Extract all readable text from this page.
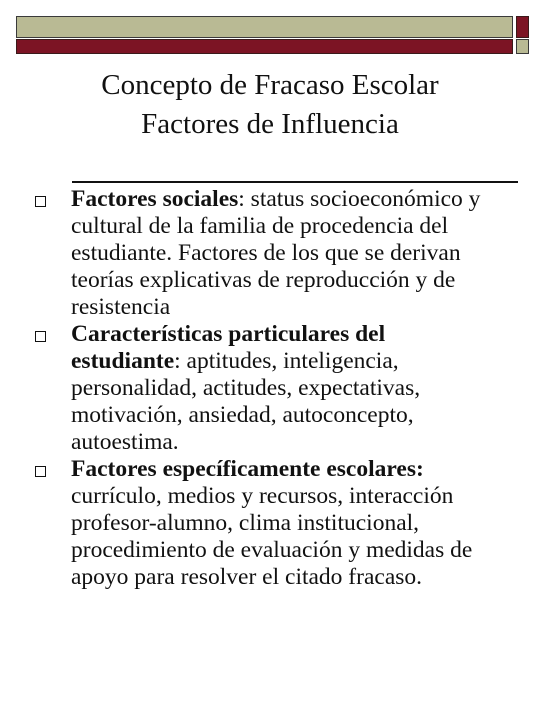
Concepto de Fracaso Escolar
Factores de Influencia
Factores sociales: status socioeconómico y cultural de la familia de procedencia del estudiante. Factores de los que se derivan teorías explicativas de reproducción y de resistencia
Características particulares del estudiante: aptitudes, inteligencia, personalidad, actitudes, expectativas, motivación, ansiedad, autoconcepto, autoestima.
Factores específicamente escolares: currículo, medios y recursos, interacción profesor-alumno, clima institucional, procedimiento de evaluación y medidas de apoyo para resolver el citado fracaso.
